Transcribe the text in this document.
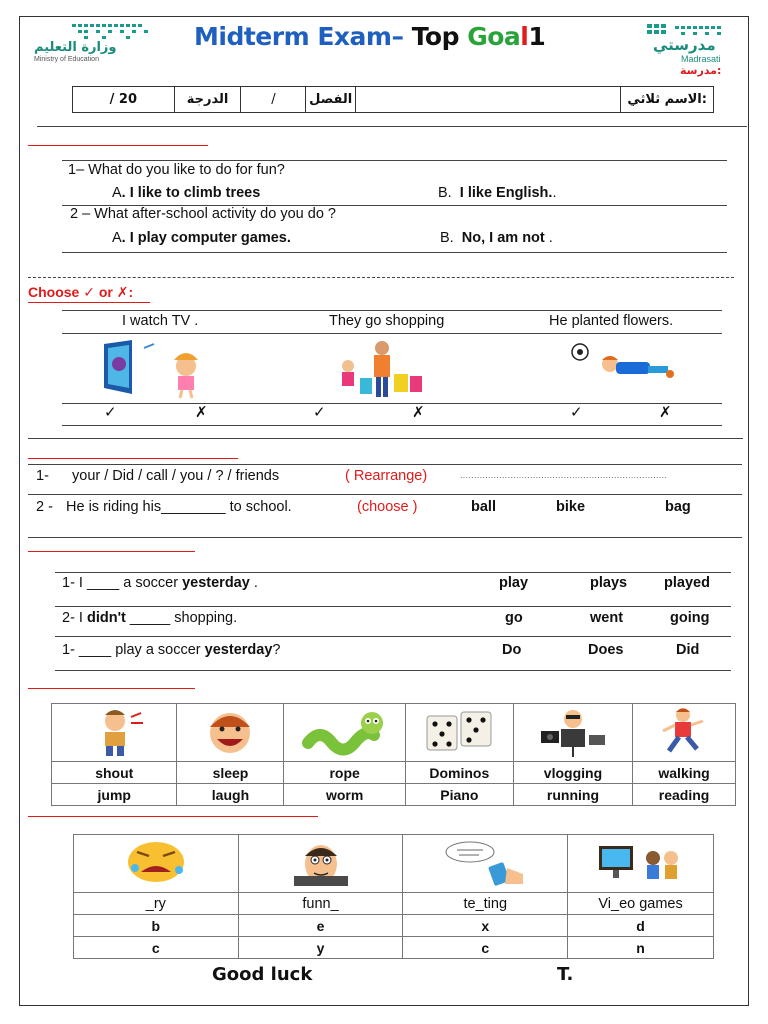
وزارة التعليم
Ministry of Education
Midterm Exam– Top Goal1	مدرستي
Madrasati
مدرسة:
/ 20	الدرجة	/	الفصل	الاسم ثلاثي:
1– What do you like to do for fun?
A. I like to climb trees	B. I like English..
2 – What after-school activity do you do ?
A. I play computer games.	B. No, I am not .
Choose ✓ or ✗:
I watch TV .	They go shopping	He planted flowers.
✓	✗	✓	✗	✓	✗
1- your / Did / call / you / ? / friends	( Rearrange)	..........................................................................
2 - He is riding his________ to school.	(choose )	ball	bike	bag
1- I ____ a soccer yesterday .	play	plays	played
2- I didn't _____ shopping.	go	went	going
1- ____ play a soccer yesterday?	Do	Does	Did

shout	sleep	rope	Dominos	vlogging	walking
jump	laugh	worm	Piano	running	reading

_ry	funn_	te_ting	Vi_eo games
b	e	x	d
c	y	c	n
Good luck	T.
